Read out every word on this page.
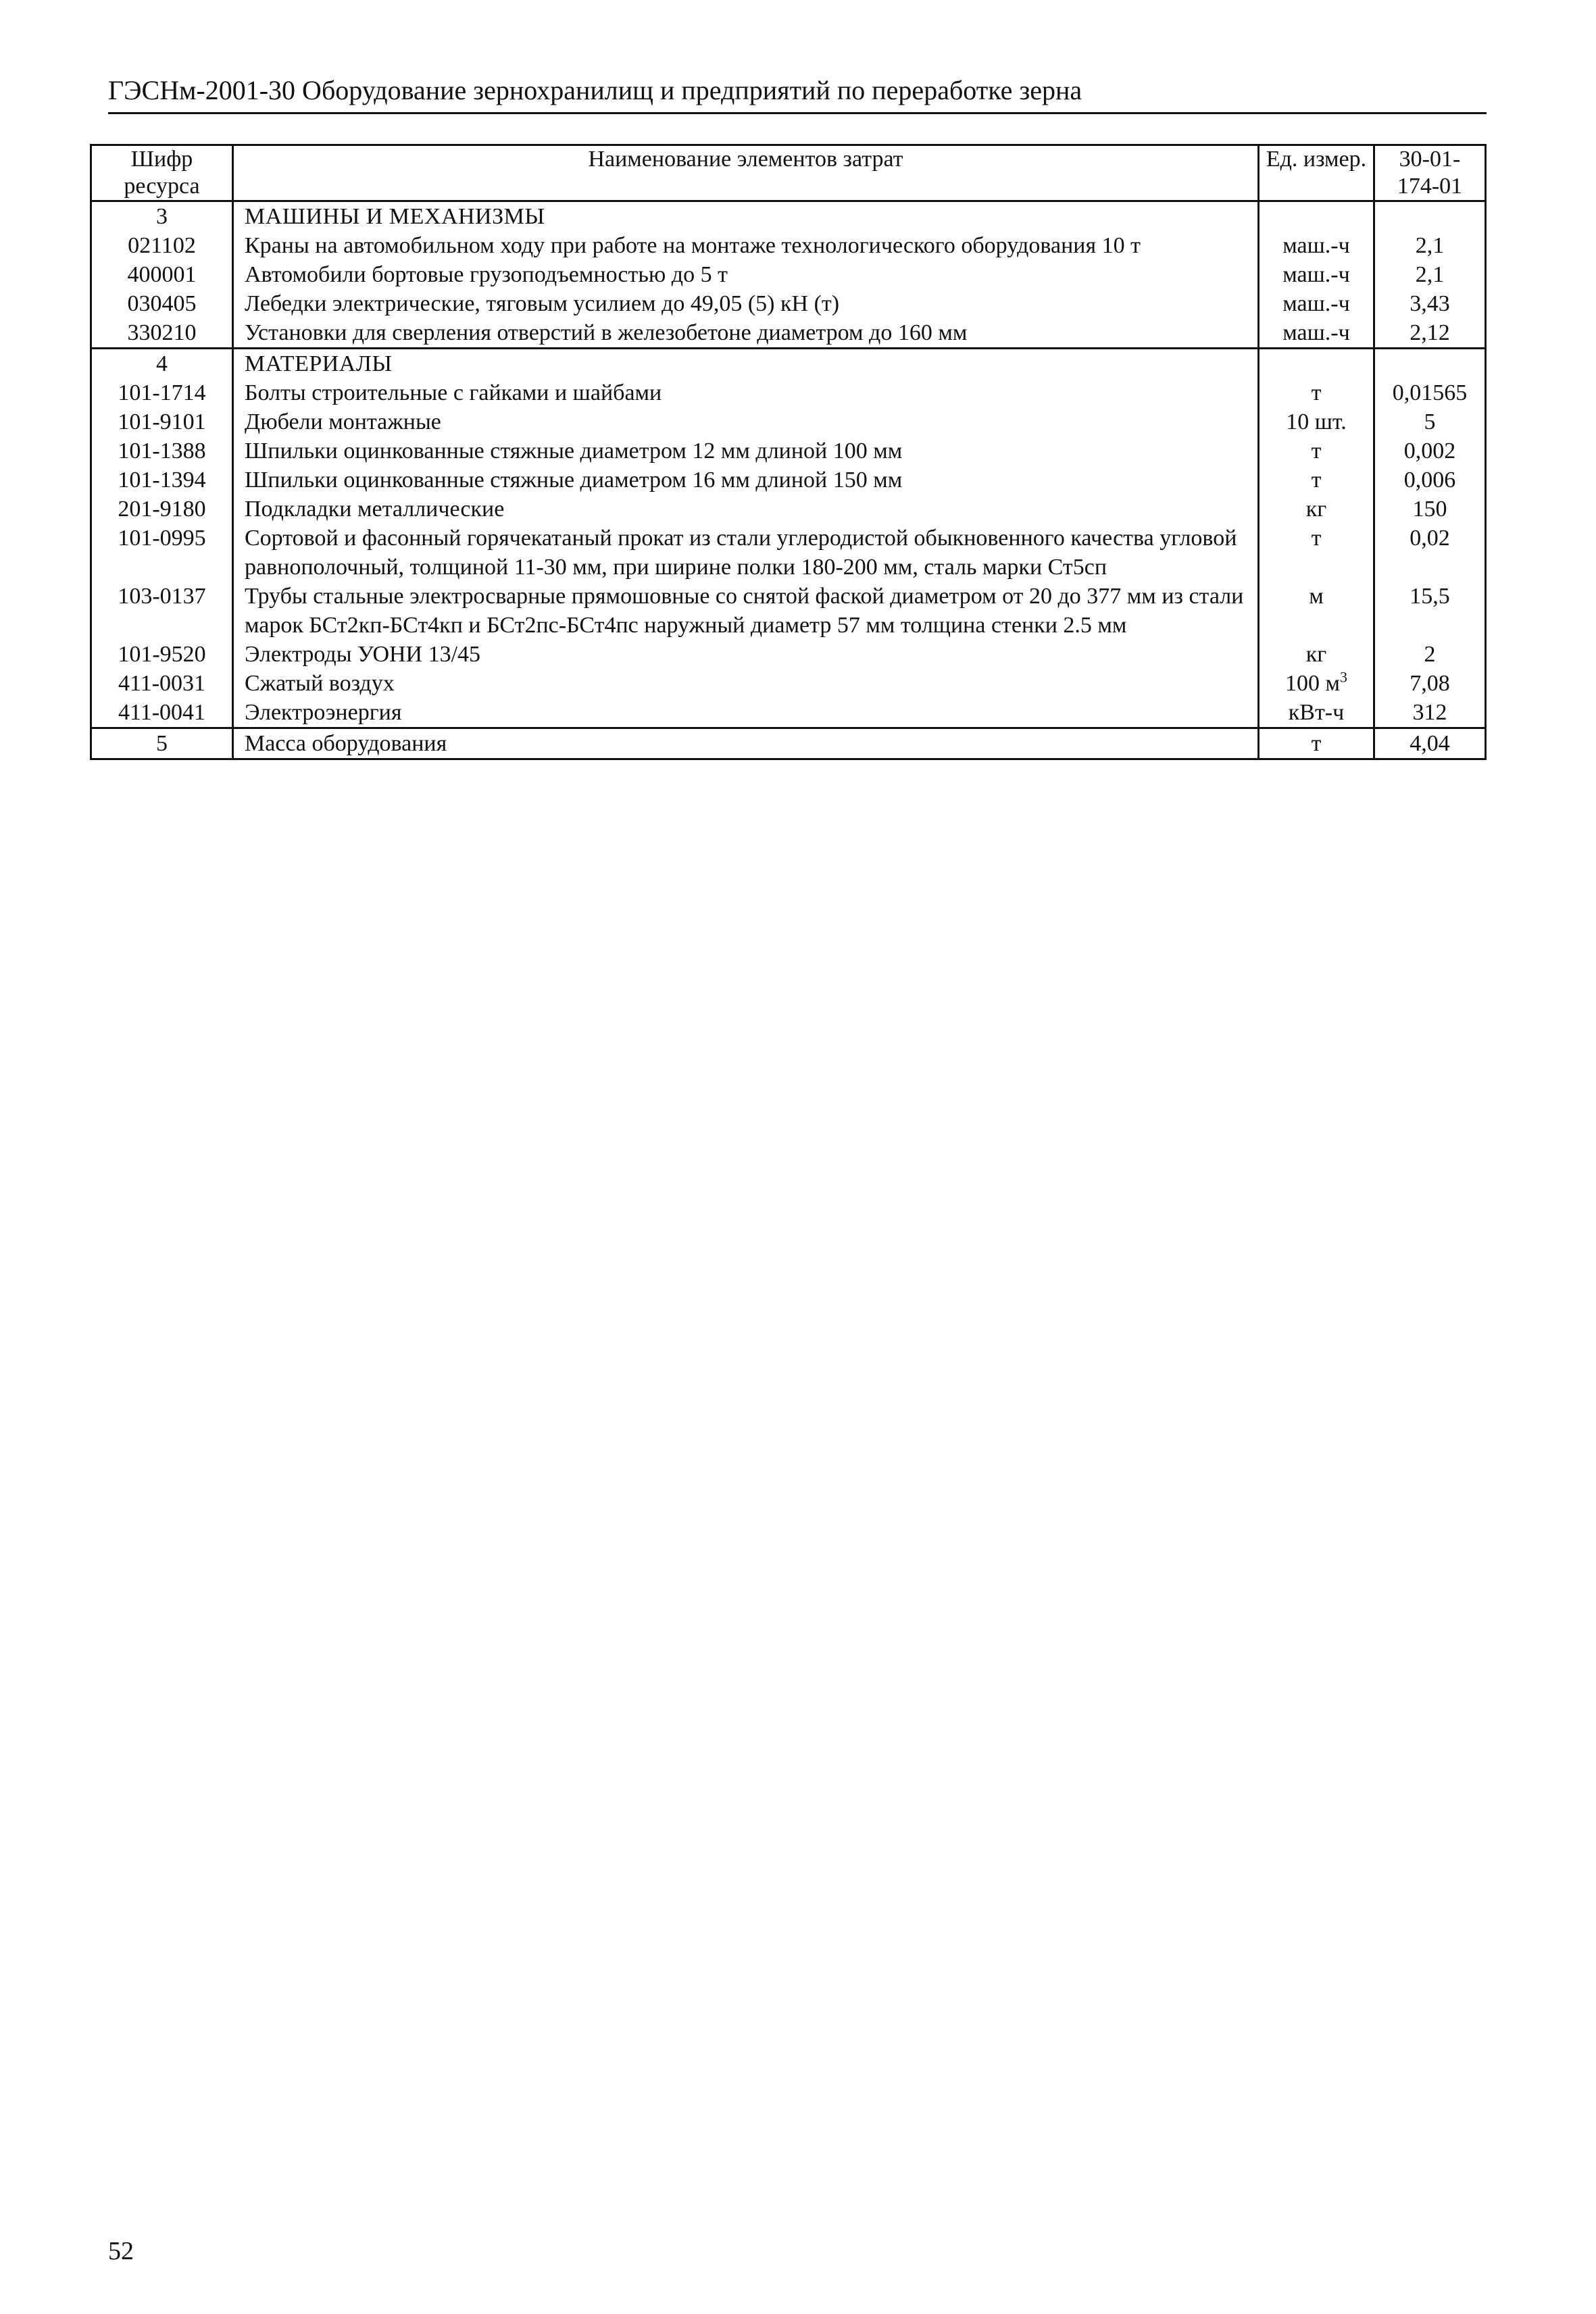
ГЭСНм-2001-30 Оборудование зернохранилищ и предприятий по переработке зерна
Шифр ресурса	Наименование элементов затрат	Ед. измер.	30-01-174-01
3	МАШИНЫ И МЕХАНИЗМЫ		
021102	Краны на автомобильном ходу при работе на монтаже технологического оборудования 10 т	маш.-ч	2,1
400001	Автомобили бортовые грузоподъемностью до 5 т	маш.-ч	2,1
030405	Лебедки электрические, тяговым усилием до 49,05 (5) кН (т)	маш.-ч	3,43
330210	Установки для сверления отверстий в железобетоне диаметром до 160 мм	маш.-ч	2,12
4	МАТЕРИАЛЫ		
101-1714	Болты строительные с гайками и шайбами	т	0,01565
101-9101	Дюбели монтажные	10 шт.	5
101-1388	Шпильки оцинкованные стяжные диаметром 12 мм длиной 100 мм	т	0,002
101-1394	Шпильки оцинкованные стяжные диаметром 16 мм длиной 150 мм	т	0,006
201-9180	Подкладки металлические	кг	150
101-0995	Сортовой и фасонный горячекатаный прокат из стали углеродистой обыкновенного качества угловой равнополочный, толщиной 11-30 мм, при ширине полки 180-200 мм, сталь марки Ст5сп	т	0,02
103-0137	Трубы стальные электросварные прямошовные со снятой фаской диаметром от 20 до 377 мм из стали марок БСт2кп-БСт4кп и БСт2пс-БСт4пс наружный диаметр 57 мм толщина стенки 2.5 мм	м	15,5
101-9520	Электроды УОНИ 13/45	кг	2
411-0031	Сжатый воздух	100 $м^3$	7,08
411-0041	Электроэнергия	кВт-ч	312
5	Масса оборудования	т	4,04
52
